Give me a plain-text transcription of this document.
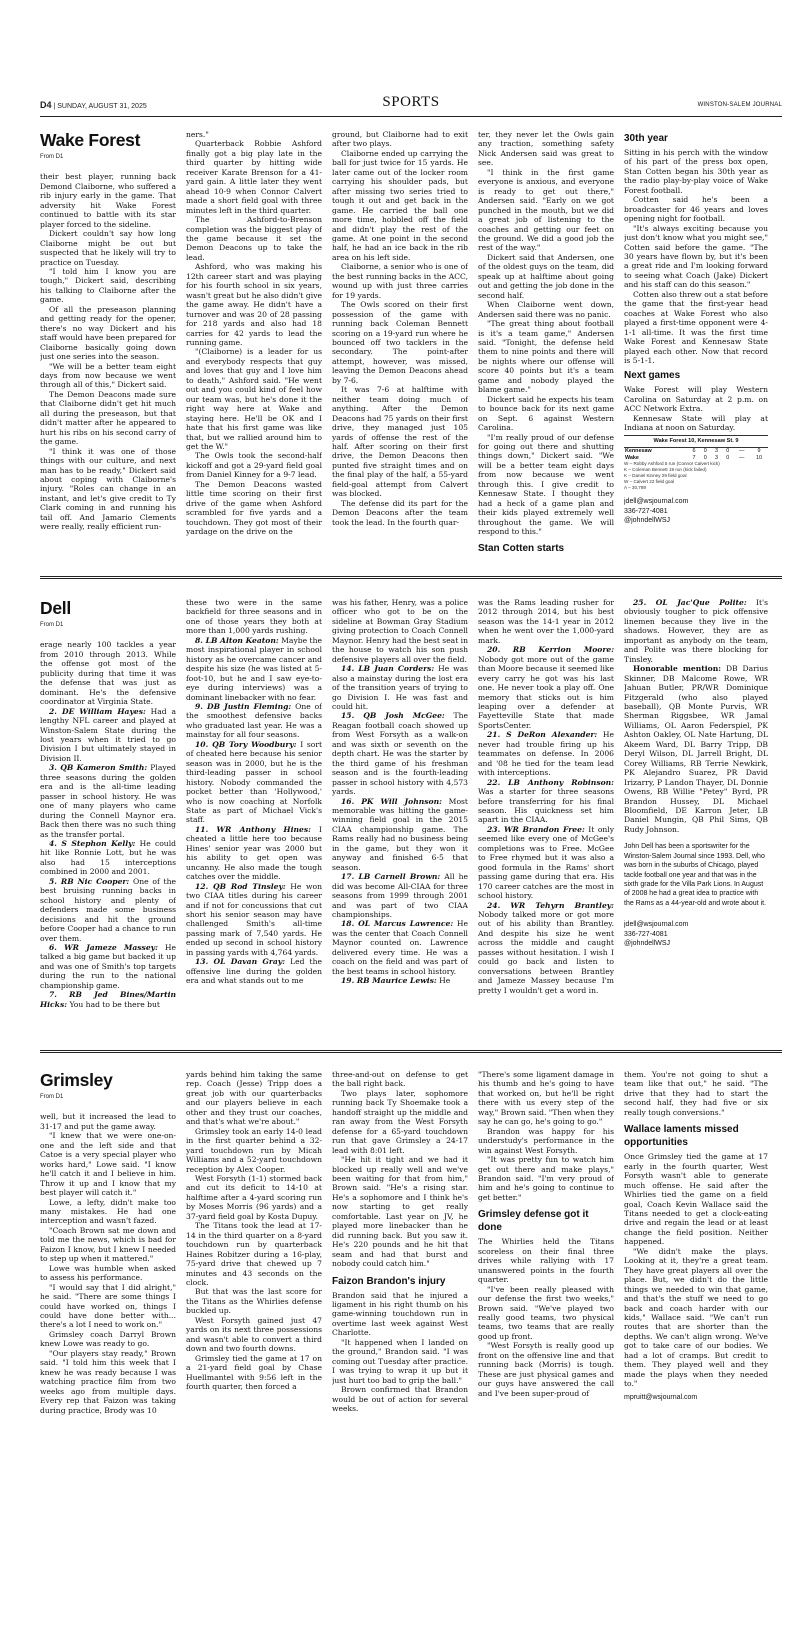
D4 | SUNDAY, AUGUST 31, 2025	SPORTS	WINSTON-SALEM JOURNAL
Wake Forest
From D1

their best player, running back Demond Claiborne, who suffered a rib injury early in the game. That adversity hit Wake Forest continued to battle with its star player forced to the sideline.

Dickert couldn't say how long Claiborne might be out but suspected that he likely will try to practice on Tuesday.

"I told him I know you are tough," Dickert said, describing his talking to Claiborne after the game.

Of all the preseason planning and getting ready for the opener, there's no way Dickert and his staff would have been prepared for Claiborne basically going down just one series into the season.

"We will be a better team eight days from now because we went through all of this," Dickert said.

The Demon Deacons made sure that Claiborne didn't get hit much all during the preseason, but that didn't matter after he appeared to hurt his ribs on his second carry of the game.

"I think it was one of those things with our culture, and next man has to be ready," Dickert said about coping with Claiborne's injury. "Roles can change in an instant, and let's give credit to Ty Clark coming in and running his tail off. And Jamario Clements were really, really efficient run-

ners."

Quarterback Robbie Ashford finally got a big play late in the third quarter by hitting wide receiver Karate Brenson for a 41-yard gain. A little later they went ahead 10-9 when Connor Calvert made a short field goal with three minutes left in the third quarter.

The Ashford-to-Brenson completion was the biggest play of the game because it set the Demon Deacons up to take the lead.

Ashford, who was making his 12th career start and was playing for his fourth school in six years, wasn't great but he also didn't give the game away. He didn't have a turnover and was 20 of 28 passing for 218 yards and also had 18 carries for 42 yards to lead the running game.

"(Claiborne) is a leader for us and everybody respects that guy and loves that guy and I love him to death," Ashford said. "He went out and you could kind of feel how our team was, but he's done it the right way here at Wake and staying here. He'll be OK and I hate that his first game was like that, but we rallied around him to get the W."

The Owls took the second-half kickoff and got a 29-yard field goal from Daniel Kinney for a 9-7 lead.

The Demon Deacons wasted little time scoring on their first drive of the game when Ashford scrambled for five yards and a touchdown. They got most of their yardage on the drive on the

ground, but Claiborne had to exit after two plays.

Claiborne ended up carrying the ball for just twice for 15 yards. He later came out of the locker room carrying his shoulder pads, but after missing two series tried to tough it out and get back in the game. He carried the ball one more time, hobbled off the field and didn't play the rest of the game. At one point in the second half, he had an ice back in the rib area on his left side.

Claiborne, a senior who is one of the best running backs in the ACC, wound up with just three carries for 19 yards.

The Owls scored on their first possession of the game with running back Coleman Bennett scoring on a 19-yard run where he bounced off two tacklers in the secondary. The point-after attempt, however, was missed, leaving the Demon Deacons ahead by 7-6.

It was 7-6 at halftime with neither team doing much of anything. After the Demon Deacons had 75 yards on their first drive, they managed just 105 yards of offense the rest of the half. After scoring on their first drive, the Demon Deacons then punted five straight times and on the final play of the half, a 55-yard field-goal attempt from Calvert was blocked.

The defense did its part for the Demon Deacons after the team took the lead. In the fourth quar-

ter, they never let the Owls gain any traction, something safety Nick Andersen said was great to see.

"I think in the first game everyone is anxious, and everyone is ready to get out there," Andersen said. "Early on we got punched in the mouth, but we did a great job of listening to the coaches and getting our feet on the ground. We did a good job the rest of the way."

Dickert said that Andersen, one of the oldest guys on the team, did speak up at halftime about going out and getting the job done in the second half.

When Claiborne went down, Andersen said there was no panic.

"The great thing about football is it's a team game," Andersen said. "Tonight, the defense held them to nine points and there will be nights where our offense will score 40 points but it's a team game and nobody played the blame game."

Dickert said he expects his team to bounce back for its next game on Sept. 6 against Western Carolina.

"I'm really proud of our defense for going out there and shutting things down," Dickert said. "We will be a better team eight days from now because we went through this. I give credit to Kennesaw State. I thought they had a heck of a game plan and their kids played extremely well throughout the game. We will respond to this."

Stan Cotten starts
30th year

Sitting in his perch with the window of his part of the press box open, Stan Cotten began his 30th year as the radio play-by-play voice of Wake Forest football.

Cotten said he's been a broadcaster for 46 years and loves opening night for football.

"It's always exciting because you just don't know what you might see," Cotten said before the game. "The 30 years have flown by, but it's been a great ride and I'm looking forward to seeing what Coach (Jake) Dickert and his staff can do this season."

Cotten also threw out a stat before the game that the first-year head coaches at Wake Forest who also played a first-time opponent were 4-1-1 all-time. It was the first time Wake Forest and Kennesaw State played each other. Now that record is 5-1-1.

Next games

Wake Forest will play Western Carolina on Saturday at 2 p.m. on ACC Network Extra.

Kennesaw State will play at Indiana at noon on Saturday.

Wake Forest 10, Kennesaw St. 9
Kennesaw	6	0	3	0	—	9
Wake	7	0	3	0	—	10
W – Robby Ashford 5 run (Connor Calvert kick)
K – Coleman Bennett 19 run (kick failed)
K – Daniel Kinney 29 field goal
W – Calvert 22 field goal
A – 30,789
jdell@wsjournal.com
336-727-4081
@johndellWSJ
Dell
From D1

erage nearly 100 tackles a year from 2010 through 2013. While the offense got most of the publicity during that time it was the defense that was just as dominant. He's the defensive coordinator at Virginia State.

2. DE William Hayes: Had a lengthy NFL career and played at Winston-Salem State during the lost years when it tried to go Division I but ultimately stayed in Division II.

3. QB Kameron Smith: Played three seasons during the golden era and is the all-time leading passer in school history. He was one of many players who came during the Connell Maynor era. Back then there was no such thing as the transfer portal.

4. S Stephon Kelly: He could hit like Ronnie Lott, but he was also had 15 interceptions combined in 2000 and 2001.

5. RB Nic Cooper: One of the best bruising running backs in school history and plenty of defenders made some business decisions and hit the ground before Cooper had a chance to run over them.

6. WR Jameze Massey: He talked a big game but backed it up and was one of Smith's top targets during the run to the national championship game.

7. RB Jed Bines/Martin Hicks: You had to be there but

these two were in the same backfield for three seasons and in one of those years they both at more than 1,000 yards rushing.

8. LB Alton Keaton: Maybe the most inspirational player in school history as he overcame cancer and despite his size (he was listed at 5-foot-10, but he and I saw eye-to-eye during interviews) was a dominant linebacker with no fear.

9. DB Justin Fleming: One of the smoothest defensive backs who graduated last year. He was a mainstay for all four seasons.

10. QB Tory Woodbury: I sort of cheated here because his senior season was in 2000, but he is the third-leading passer in school history. Nobody commanded the pocket better than 'Hollywood,' who is now coaching at Norfolk State as part of Michael Vick's staff.

11. WR Anthony Hines: I cheated a little here too because Hines' senior year was 2000 but his ability to get open was uncanny. He also made the tough catches over the middle.

12. QB Rod Tinsley: He won two CIAA titles during his career and if not for concussions that cut short his senior season may have challenged Smith's all-time passing mark of 7,540 yards. He ended up second in school history in passing yards with 4,764 yards.

13. OL Davan Gray: Led the offensive line during the golden era and what stands out to me

was his father, Henry, was a police officer who got to be on the sideline at Bowman Gray Stadium giving protection to Coach Connell Maynor. Henry had the best seat in the house to watch his son push defensive players all over the field.

14. LB Juan Corders: He was also a mainstay during the lost era of the transition years of trying to go Division I. He was fast and could hit.

15. QB Josh McGee: The Reagan football coach showed up from West Forsyth as a walk-on and was sixth or seventh on the depth chart. He was the starter by the third game of his freshman season and is the fourth-leading passer in school history with 4,573 yards.

16. PK Will Johnson: Most memorable was hitting the game-winning field goal in the 2015 CIAA championship game. The Rams really had no business being in the game, but they won it anyway and finished 6-5 that season.

17. LB Carnell Brown: All he did was become All-CIAA for three seasons from 1999 through 2001 and was part of two CIAA championships.

18. OL Marcus Lawrence: He was the center that Coach Connell Maynor counted on. Lawrence delivered every time. He was a coach on the field and was part of the best teams in school history.

19. RB Maurice Lewis: He

was the Rams leading rusher for 2012 through 2014, but his best season was the 14-1 year in 2012 when he went over the 1,000-yard mark.

20. RB Kerrion Moore: Nobody got more out of the game than Moore because it seemed like every carry he got was his last one. He never took a play off. One memory that sticks out is him leaping over a defender at Fayetteville State that made SportsCenter.

21. S DeRon Alexander: He never had trouble firing up his teammates on defense. In 2006 and '08 he tied for the team lead with interceptions.

22. LB Anthony Robinson: Was a starter for three seasons before transferring for his final season. His quickness set him apart in the CIAA.

23. WR Brandon Free: It only seemed like every one of McGee's completions was to Free. McGee to Free rhymed but it was also a good formula in the Rams' short passing game during that era. His 170 career catches are the most in school history.

24. WR Tehyrn Brantley: Nobody talked more or got more out of his ability than Brantley. And despite his size he went across the middle and caught passes without hesitation. I wish I could go back and listen to conversations between Brantley and Jameze Massey because I'm pretty I wouldn't get a word in.

25. OL Jac'Que Polite: It's obviously tougher to pick offensive linemen because they live in the shadows. However, they are as important as anybody on the team, and Polite was there blocking for Tinsley.

Honorable mention: DB Darius Skinner, DB Malcome Rowe, WR Jahuan Butler, PR/WR Dominique Fitzgerald (who also played baseball), QB Monte Purvis, WR Sherman Riggsbee, WR Jamal Williams, OL Aaron Federspiel, PK Ashton Oakley, OL Nate Hartung, DL Akeem Ward, DL Barry Tripp, DB Deryl Wilson, DL Jarrell Bright, DL Corey Williams, RB Terrie Newkirk, PK Alejandro Suarez, PR David Irizarry, P Landon Thayer, DL Donnie Owens, RB Willie "Petey" Byrd, PR Brandon Hussey, DL Michael Bloomfield, DE Karron Jeter, LB Daniel Mungin, QB Phil Sims, QB Rudy Johnson.

John Dell has been a sportswriter for the Winston-Salem Journal since 1993. Dell, who was born in the suburbs of Chicago, played tackle football one year and that was in the sixth grade for the Villa Park Lions. In August of 2008 he had a great idea to practice with the Rams as a 44-year-old and wrote about it.

jdell@wsjournal.com
336-727-4081
@johndellWSJ
Grimsley
From D1

well, but it increased the lead to 31-17 and put the game away.

"I knew that we were one-on-one and the left side and that Catoe is a very special player who works hard," Lowe said. "I know he'll catch it and I believe in him. Throw it up and I know that my best player will catch it."

Lowe, a lefty, didn't make too many mistakes. He had one interception and wasn't fazed.

"Coach Brown sat me down and told me the news, which is bad for Faizon I know, but I knew I needed to step up when it mattered."

Lowe was humble when asked to assess his performance.

"I would say that I did alright," he said. "There are some things I could have worked on, things I could have done better with... there's a lot I need to work on."

Grimsley coach Darryl Brown knew Lowe was ready to go.

"Our players stay ready," Brown said. "I told him this week that I knew he was ready because I was watching practice film from two weeks ago from multiple days. Every rep that Faizon was taking during practice, Brody was 10

yards behind him taking the same rep. Coach (Jesse) Tripp does a great job with our quarterbacks and our players believe in each other and they trust our coaches, and that's what we're about."

Grimsley took an early 14-0 lead in the first quarter behind a 32-yard touchdown run by Micah Williams and a 52-yard touchdown reception by Alex Cooper.

West Forsyth (1-1) stormed back and cut its deficit to 14-10 at halftime after a 4-yard scoring run by Moses Morris (96 yards) and a 37-yard field goal by Kosta Dupuy.

The Titans took the lead at 17-14 in the third quarter on a 8-yard touchdown run by quarterback Haines Robitzer during a 16-play, 75-yard drive that chewed up 7 minutes and 43 seconds on the clock.

But that was the last score for the Titans as the Whirlies defense buckled up.

West Forsyth gained just 47 yards on its next three possessions and wasn't able to convert a third down and two fourth downs.

Grimsley tied the game at 17 on a 21-yard field goal by Chase Huellmantel with 9:56 left in the fourth quarter, then forced a

three-and-out on defense to get the ball right back.

Two plays later, sophomore running back Ty Shoemake took a handoff straight up the middle and ran away from the West Forsyth defense for a 65-yard touchdown run that gave Grimsley a 24-17 lead with 8:01 left.

"He hit it tight and we had it blocked up really well and we've been waiting for that from him," Brown said. "He's a rising star. He's a sophomore and I think he's now starting to get really comfortable. Last year on JV, he played more linebacker than he did running back. But you saw it. He's 220 pounds and he hit that seam and had that burst and nobody could catch him."

Faizon Brandon's injury

Brandon said that he injured a ligament in his right thumb on his game-winning touchdown run in overtime last week against West Charlotte.

"It happened when I landed on the ground," Brandon said. "I was coming out Tuesday after practice. I was trying to wrap it up but it just hurt too bad to grip the ball."

Brown confirmed that Brandon would be out of action for several weeks.

"There's some ligament damage in his thumb and he's going to have that worked on, but he'll be right there with us every step of the way," Brown said. "Then when they say he can go, he's going to go."

Brandon was happy for his understudy's performance in the win against West Forsyth.

"It was pretty fun to watch him get out there and make plays," Brandon said. "I'm very proud of him and he's going to continue to get better."

Grimsley defense got it done

The Whirlies held the Titans scoreless on their final three drives while rallying with 17 unanswered points in the fourth quarter.

"I've been really pleased with our defense the first two weeks," Brown said. "We've played two really good teams, two physical teams, two teams that are really good up front.

"West Forsyth is really good up front on the offensive line and that running back (Morris) is tough. These are just physical games and our guys have answered the call and I've been super-proud of

them. You're not going to shut a team like that out," he said. "The drive that they had to start the second half, they had five or six really tough conversions."

Wallace laments missed opportunities

Once Grimsley tied the game at 17 early in the fourth quarter, West Forsyth wasn't able to generate much offense. He said after the Whirlies tied the game on a field goal, Coach Kevin Wallace said the Titans needed to get a clock-eating drive and regain the lead or at least change the field position. Neither happened.

"We didn't make the plays. Looking at it, they're a great team. They have great players all over the place. But, we didn't do the little things we needed to win that game, and that's the stuff we need to go back and coach harder with our kids," Wallace said. "We can't run routes that are shorter than the depths. We can't align wrong. We've got to take care of our bodies. We had a lot of cramps. But credit to them. They played well and they made the plays when they needed to."

mpruitt@wsjournal.com
